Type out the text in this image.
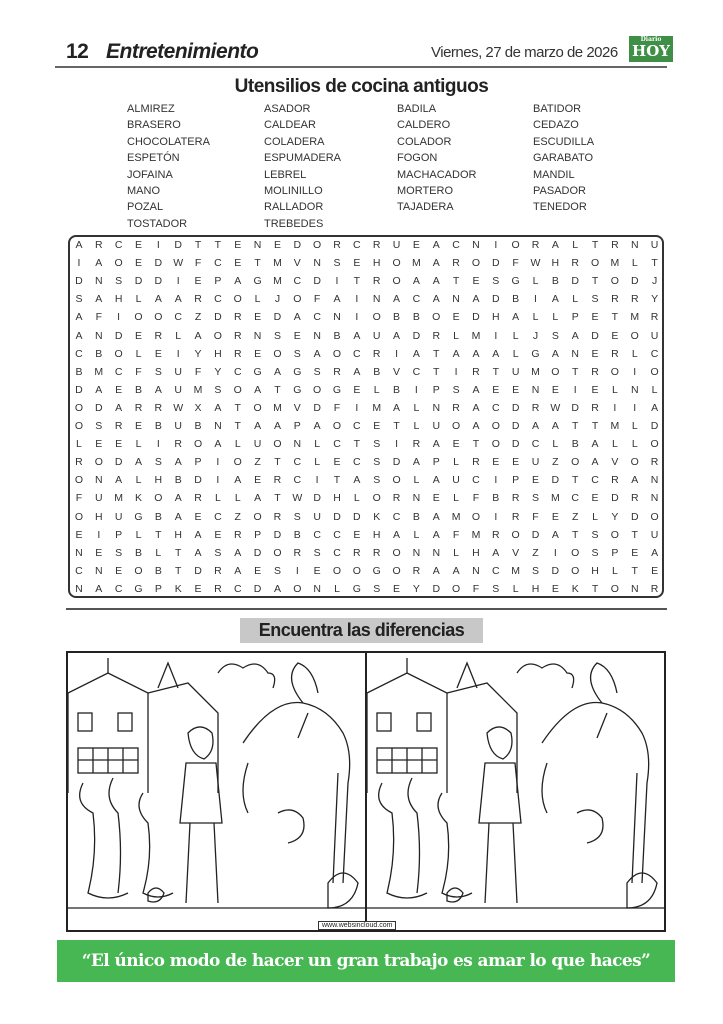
12 Entretenimiento	Viernes, 27 de marzo de 2026
Diario
HOY
Utensilios de cocina antiguos
ALMIREZ	ASADOR	BADILA	BATIDOR
BRASERO	CALDEAR	CALDERO	CEDAZO
CHOCOLATERA	COLADERA	COLADOR	ESCUDILLA
ESPETÓN	ESPUMADERA	FOGON	GARABATO
JOFAINA	LEBREL	MACHACADOR	MANDIL
MANO	MOLINILLO	MORTERO	PASADOR
POZAL	RALLADOR	TAJADERA	TENEDOR
TOSTADOR	TREBEDES
A	R	C	E	I	D	T	T	E	N	E	D	O	R	C	R	U	E	A	C	N	I	O	R	A	L	T	R	N	U
I	A	O	E	D	W	F	C	E	T	M	V	N	S	E	H	O	M	A	R	O	D	F	W	H	R	O	M	L	T
D	N	S	D	D	I	E	P	A	G	M	C	D	I	T	R	O	A	A	T	E	S	G	L	B	D	T	O	D	J
S	A	H	L	A	A	R	C	O	L	J	O	F	A	I	N	A	C	A	N	A	D	B	I	A	L	S	R	R	Y
A	F	I	O	O	C	Z	D	R	E	D	A	C	N	I	O	B	B	O	E	D	H	A	L	L	P	E	T	M	R
A	N	D	E	R	L	A	O	R	N	S	E	N	B	A	U	A	D	R	L	M	I	L	J	S	A	D	E	O	U
C	B	O	L	E	I	Y	H	R	E	O	S	A	O	C	R	I	A	T	A	A	A	L	G	A	N	E	R	L	C
B	M	C	F	S	U	F	Y	C	G	A	G	S	R	A	B	V	C	T	I	R	T	U	M	O	T	R	O	I	O
D	A	E	B	A	U	M	S	O	A	T	G	O	G	E	L	B	I	P	S	A	E	E	N	E	I	E	L	N	L
O	D	A	R	R	W	X	A	T	O	M	V	D	F	I	M	A	L	N	R	A	C	D	R	W	D	R	I	I	A
O	S	R	E	B	U	B	N	T	A	A	P	A	O	C	E	T	L	U	O	A	O	D	A	A	T	T	M	L	D
L	E	E	L	I	R	O	A	L	U	O	N	L	C	T	S	I	R	A	E	T	O	D	C	L	B	A	L	L	O
R	O	D	A	S	A	P	I	O	Z	T	C	L	E	C	S	D	A	P	L	R	E	E	U	Z	O	A	V	O	R
O	N	A	L	H	B	D	I	A	E	R	C	I	T	A	S	O	L	A	U	C	I	P	E	D	T	C	R	A	N
F	U	M	K	O	A	R	L	L	A	T	W	D	H	L	O	R	N	E	L	F	B	R	S	M	C	E	D	R	N
O	H	U	G	B	A	E	C	Z	O	R	S	U	D	D	K	C	B	A	M	O	I	R	F	E	Z	L	Y	D	O
E	I	P	L	T	H	A	E	R	P	D	B	C	C	E	H	A	L	A	F	M	R	O	D	A	T	S	O	T	U
N	E	S	B	L	T	A	S	A	D	O	R	S	C	R	R	O	N	N	L	H	A	V	Z	I	O	S	P	E	A
C	N	E	O	B	T	D	R	A	E	S	I	E	O	O	G	O	R	A	A	N	C	M	S	D	O	H	L	T	E
N	A	C	G	P	K	E	R	C	D	A	O	N	L	G	S	E	Y	D	O	F	S	L	H	E	K	T	O	N	R
Encuentra las diferencias
www.websincloud.com
“El único modo de hacer un gran trabajo es amar lo que haces”
